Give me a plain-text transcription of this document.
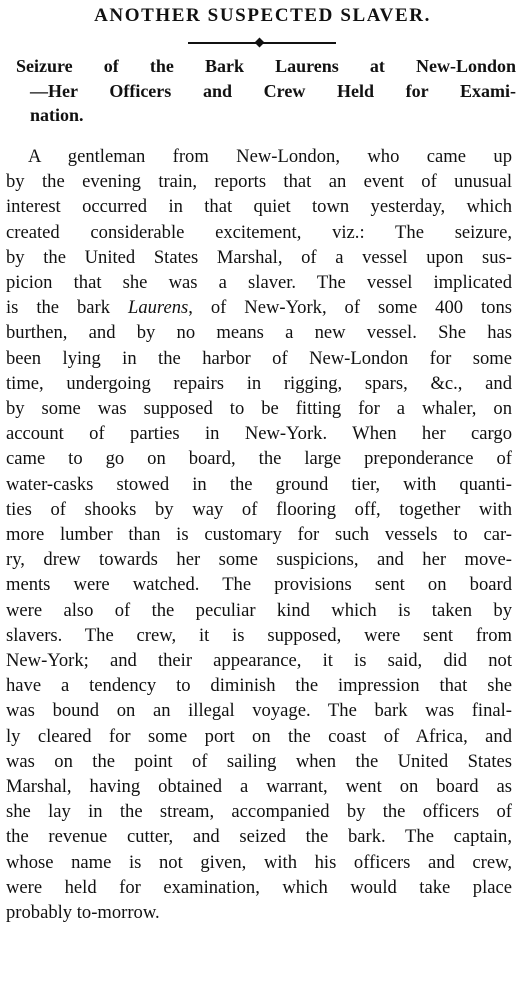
ANOTHER SUSPECTED SLAVER.
Seizure of the Bark Laurens at New-London
—Her Officers and Crew Held for Exami-
nation.
A gentleman from New-London, who came up
by the evening train, reports that an event of unusual
interest occurred in that quiet town yesterday, which
created considerable excitement, viz.: The seizure,
by the United States Marshal, of a vessel upon sus-
picion that she was a slaver. The vessel implicated
is the bark Laurens, of New-York, of some 400 tons
burthen, and by no means a new vessel. She has
been lying in the harbor of New-London for some
time, undergoing repairs in rigging, spars, &c., and
by some was supposed to be fitting for a whaler, on
account of parties in New-York. When her cargo
came to go on board, the large preponderance of
water-casks stowed in the ground tier, with quanti-
ties of shooks by way of flooring off, together with
more lumber than is customary for such vessels to car-
ry, drew towards her some suspicions, and her move-
ments were watched. The provisions sent on board
were also of the peculiar kind which is taken by
slavers. The crew, it is supposed, were sent from
New-York; and their appearance, it is said, did not
have a tendency to diminish the impression that she
was bound on an illegal voyage. The bark was final-
ly cleared for some port on the coast of Africa, and
was on the point of sailing when the United States
Marshal, having obtained a warrant, went on board as
she lay in the stream, accompanied by the officers of
the revenue cutter, and seized the bark. The captain,
whose name is not given, with his officers and crew,
were held for examination, which would take place
probably to-morrow.
